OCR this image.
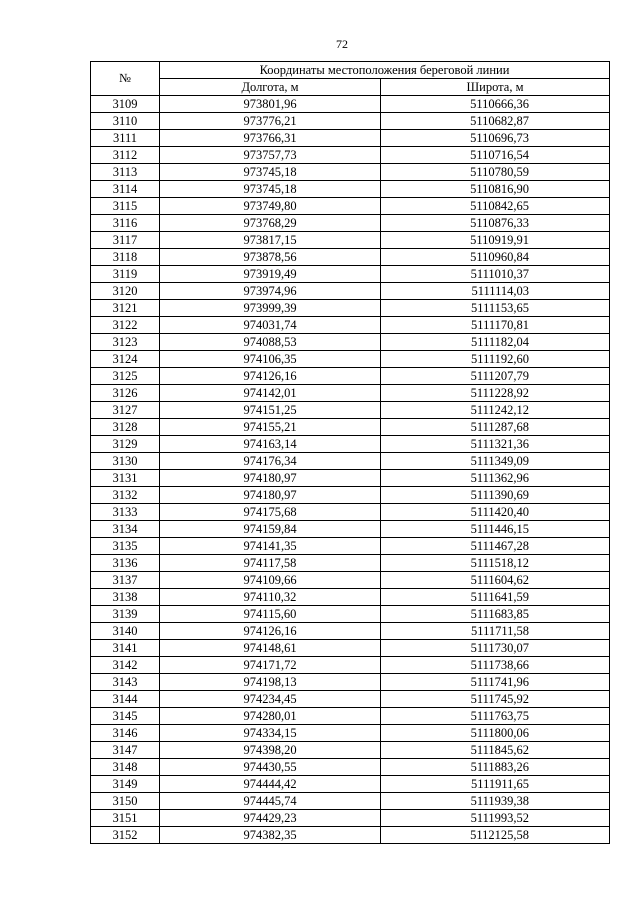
72
№	Координаты местоположения береговой линии	
	Долгота, м	Широта, м
3109	973801,96	5110666,36
3110	973776,21	5110682,87
3111	973766,31	5110696,73
3112	973757,73	5110716,54
3113	973745,18	5110780,59
3114	973745,18	5110816,90
3115	973749,80	5110842,65
3116	973768,29	5110876,33
3117	973817,15	5110919,91
3118	973878,56	5110960,84
3119	973919,49	5111010,37
3120	973974,96	5111114,03
3121	973999,39	5111153,65
3122	974031,74	5111170,81
3123	974088,53	5111182,04
3124	974106,35	5111192,60
3125	974126,16	5111207,79
3126	974142,01	5111228,92
3127	974151,25	5111242,12
3128	974155,21	5111287,68
3129	974163,14	5111321,36
3130	974176,34	5111349,09
3131	974180,97	5111362,96
3132	974180,97	5111390,69
3133	974175,68	5111420,40
3134	974159,84	5111446,15
3135	974141,35	5111467,28
3136	974117,58	5111518,12
3137	974109,66	5111604,62
3138	974110,32	5111641,59
3139	974115,60	5111683,85
3140	974126,16	5111711,58
3141	974148,61	5111730,07
3142	974171,72	5111738,66
3143	974198,13	5111741,96
3144	974234,45	5111745,92
3145	974280,01	5111763,75
3146	974334,15	5111800,06
3147	974398,20	5111845,62
3148	974430,55	5111883,26
3149	974444,42	5111911,65
3150	974445,74	5111939,38
3151	974429,23	5111993,52
3152	974382,35	5112125,58
